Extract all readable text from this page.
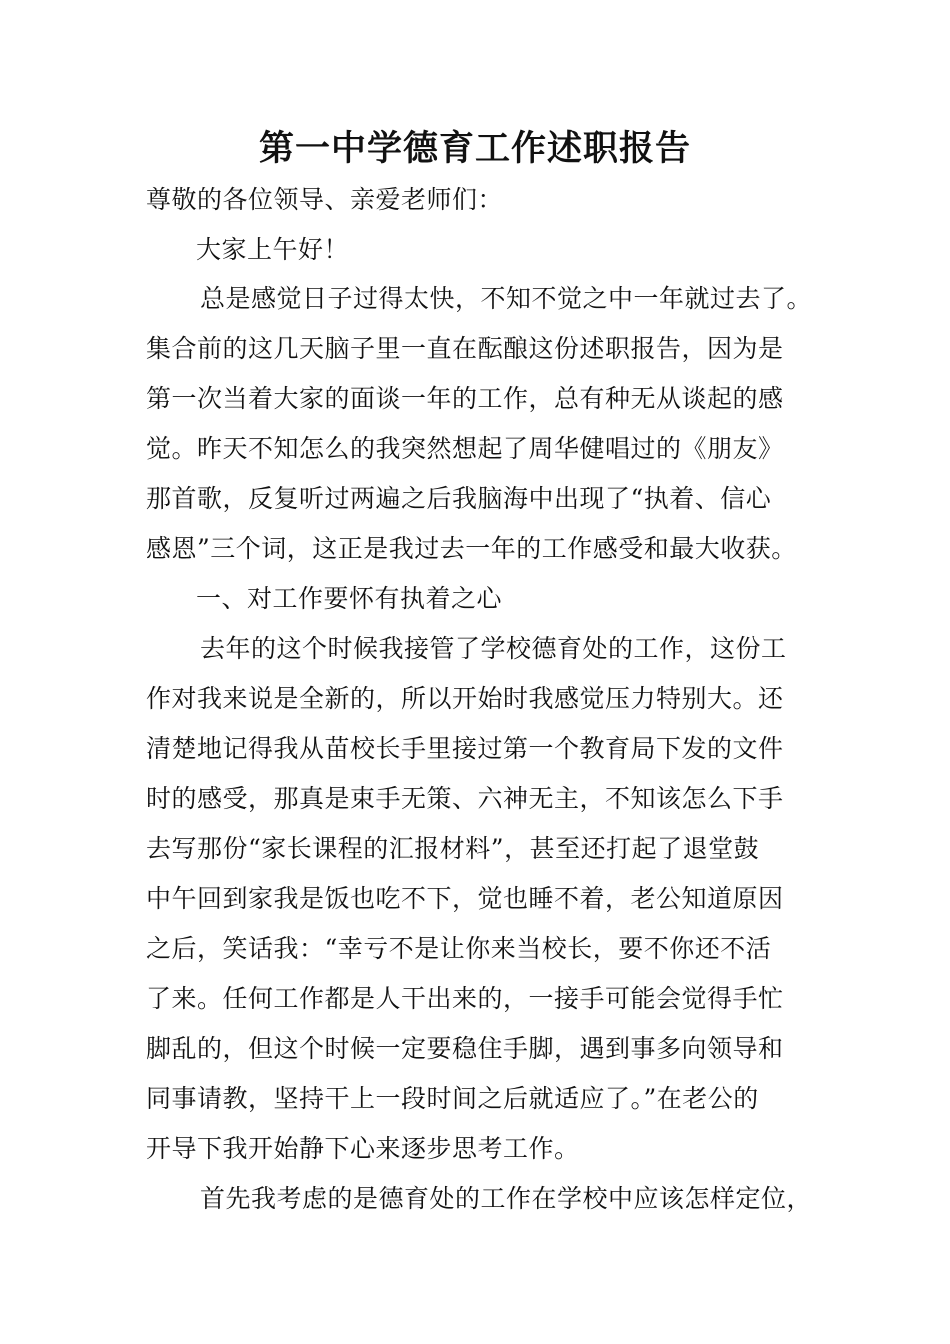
第一中学德育工作述职报告
尊敬的各位领导、亲爱老师们：
大家上午好！
总是感觉日子过得太快，不知不觉之中一年就过去了。
集合前的这几天脑子里一直在酝酿这份述职报告，因为是
第一次当着大家的面谈一年的工作，总有种无从谈起的感
觉。昨天不知怎么的我突然想起了周华健唱过的《朋友》
那首歌，反复听过两遍之后我脑海中出现了“执着、信心
感恩”三个词，这正是我过去一年的工作感受和最大收获。
一、对工作要怀有执着之心
去年的这个时候我接管了学校德育处的工作，这份工
作对我来说是全新的，所以开始时我感觉压力特别大。还
清楚地记得我从苗校长手里接过第一个教育局下发的文件
时的感受，那真是束手无策、六神无主，不知该怎么下手
去写那份“家长课程的汇报材料”，甚至还打起了退堂鼓
中午回到家我是饭也吃不下，觉也睡不着，老公知道原因
之后，笑话我：“幸亏不是让你来当校长，要不你还不活
了来。任何工作都是人干出来的，一接手可能会觉得手忙
脚乱的，但这个时候一定要稳住手脚，遇到事多向领导和
同事请教，坚持干上一段时间之后就适应了。”在老公的
开导下我开始静下心来逐步思考工作。
首先我考虑的是德育处的工作在学校中应该怎样定位，
